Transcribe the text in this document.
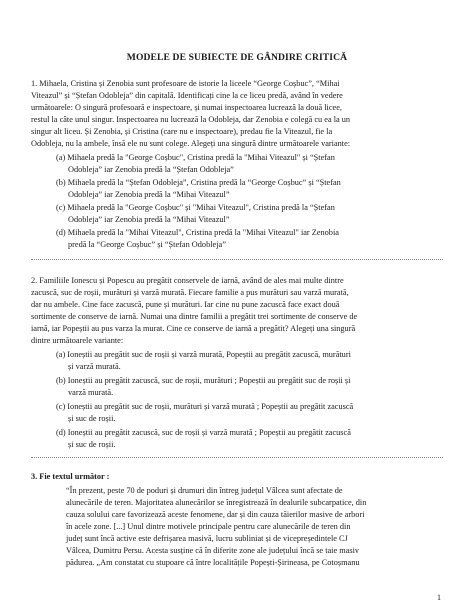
MODELE DE SUBIECTE DE GÂNDIRE CRITICĂ
1. Mihaela, Cristina și Zenobia sunt profesoare de istorie la liceele “George Coșbuc”, “Mihai
Viteazul” și “Ștefan Odobleja” din capitală. Identificați cine la ce liceu predă, având în vedere
următoarele: O singură profesoară e inspectoare, și numai inspectoarea lucrează la două licee,
restul la câte unul singur. Inspectoarea nu lucrează la Odobleja, dar Zenobia e colegă cu ea la un
singur alt liceu. Și Zenobia, și Cristina (care nu e inspectoare), predau fie la Viteazul, fie la
Odobleja, nu la ambele, însă ele nu sunt colege. Alegeți una singură dintre următoarele variante:
(a) Mihaela predă la "George Coșbuc", Cristina predă la "Mihai Viteazul" și “Ștefan
Odobleja” iar Zenobia predă la “Ștefan Odobleja”
(b) Mihaela predă la “Ștefan Odobleja”, Cristina predă la “George Coșbuc” și “Ștefan
Odobleja” iar Zenobia predă la “Mihai Viteazul”
(c) Mihaela predă la "George Coșbuc" și "Mihai Viteazul", Cristina predă la “Ștefan
Odobleja” iar Zenobia predă la “Mihai Viteazul”
(d) Mihaela predă la "Mihai Viteazul", Cristina predă la "Mihai Viteazul" iar Zenobia
predă la “George Coșbuc” și “Ștefan Odobleja”
2. Familiile Ionescu și Popescu au pregătit conservele de iarnă, având de ales mai multe dintre
zacuscă, suc de roșii, murături și varză murată. Fiecare familie a pus murături sau varză murată,
dar nu ambele. Cine face zacuscă, pune și murături. Iar cine nu pune zacuscă face exact două
sortimente de conserve de iarnă. Numai una dintre familii a pregătit trei sortimente de conserve de
iarnă, iar Popeștii au pus varza la murat. Cine ce conserve de iarnă a pregătit? Alegeți una singură
dintre următoarele variante:
(a) Ioneștii au pregătit suc de roșii și varză murată, Popeștii au pregătit zacuscă, murături
și varză murată.
(b) Ioneștii au pregătit zacuscă, suc de roșii, murături ; Popeștii au pregătit suc de roșii și
varză murată.
(c) Ioneștii au pregătit suc de roșii, murături și varză murată ; Popeștii au pregătit zacuscă
și suc de roșii.
(d) Ioneștii au pregătit zacuscă, suc de roșii și varză murată ; Popeștii au pregătit zacuscă
și suc de roșii.
3. Fie textul următor :
“În prezent, peste 70 de poduri și drumuri din întreg județul Vâlcea sunt afectate de
alunecările de teren. Majoritatea alunecărilor se înregistrează în dealurile subcarpatice, din
cauza solului care favorizează aceste fenomene, dar și din cauza tăierilor masive de arbori
în acele zone. [...] Unul dintre motivele principale pentru care alunecările de teren din
județ sunt încă active este defrișarea masivă, lucru subliniat și de vicepreședintele CJ
Vâlcea, Dumitru Persu. Acesta susține că în diferite zone ale județului încă se taie masiv
pădurea. „Am constatat cu stupoare că între localitățile Popești-Șirineasa, pe Cotoșmanu
1
